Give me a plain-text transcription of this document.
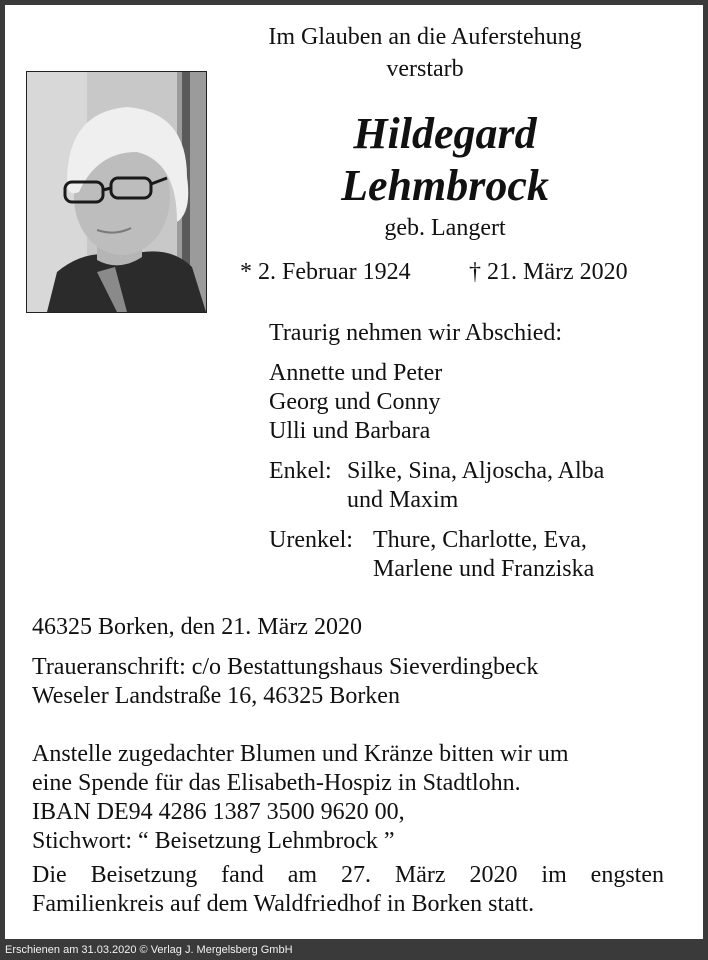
Im Glauben an die Auferstehung
verstarb
Hildegard
Lehmbrock
geb. Langert
* 2. Februar 1924 † 21. März 2020
Traurig nehmen wir Abschied:
Annette und Peter
Georg und Conny
Ulli und Barbara
Enkel: Silke, Sina, Aljoscha, Alba
und Maxim
Urenkel: Thure, Charlotte, Eva,
Marlene und Franziska
46325 Borken, den 21. März 2020
Traueranschrift: c/o Bestattungshaus Sieverdingbeck
Weseler Landstraße 16, 46325 Borken
Anstelle zugedachter Blumen und Kränze bitten wir um
eine Spende für das Elisabeth-Hospiz in Stadtlohn.
IBAN DE94 4286 1387 3500 9620 00,
Stichwort: “ Beisetzung Lehmbrock ”
Die Beisetzung fand am 27. März 2020 im engsten
Familienkreis auf dem Waldfriedhof in Borken statt.
Erschienen am 31.03.2020 © Verlag J. Mergelsberg GmbH
